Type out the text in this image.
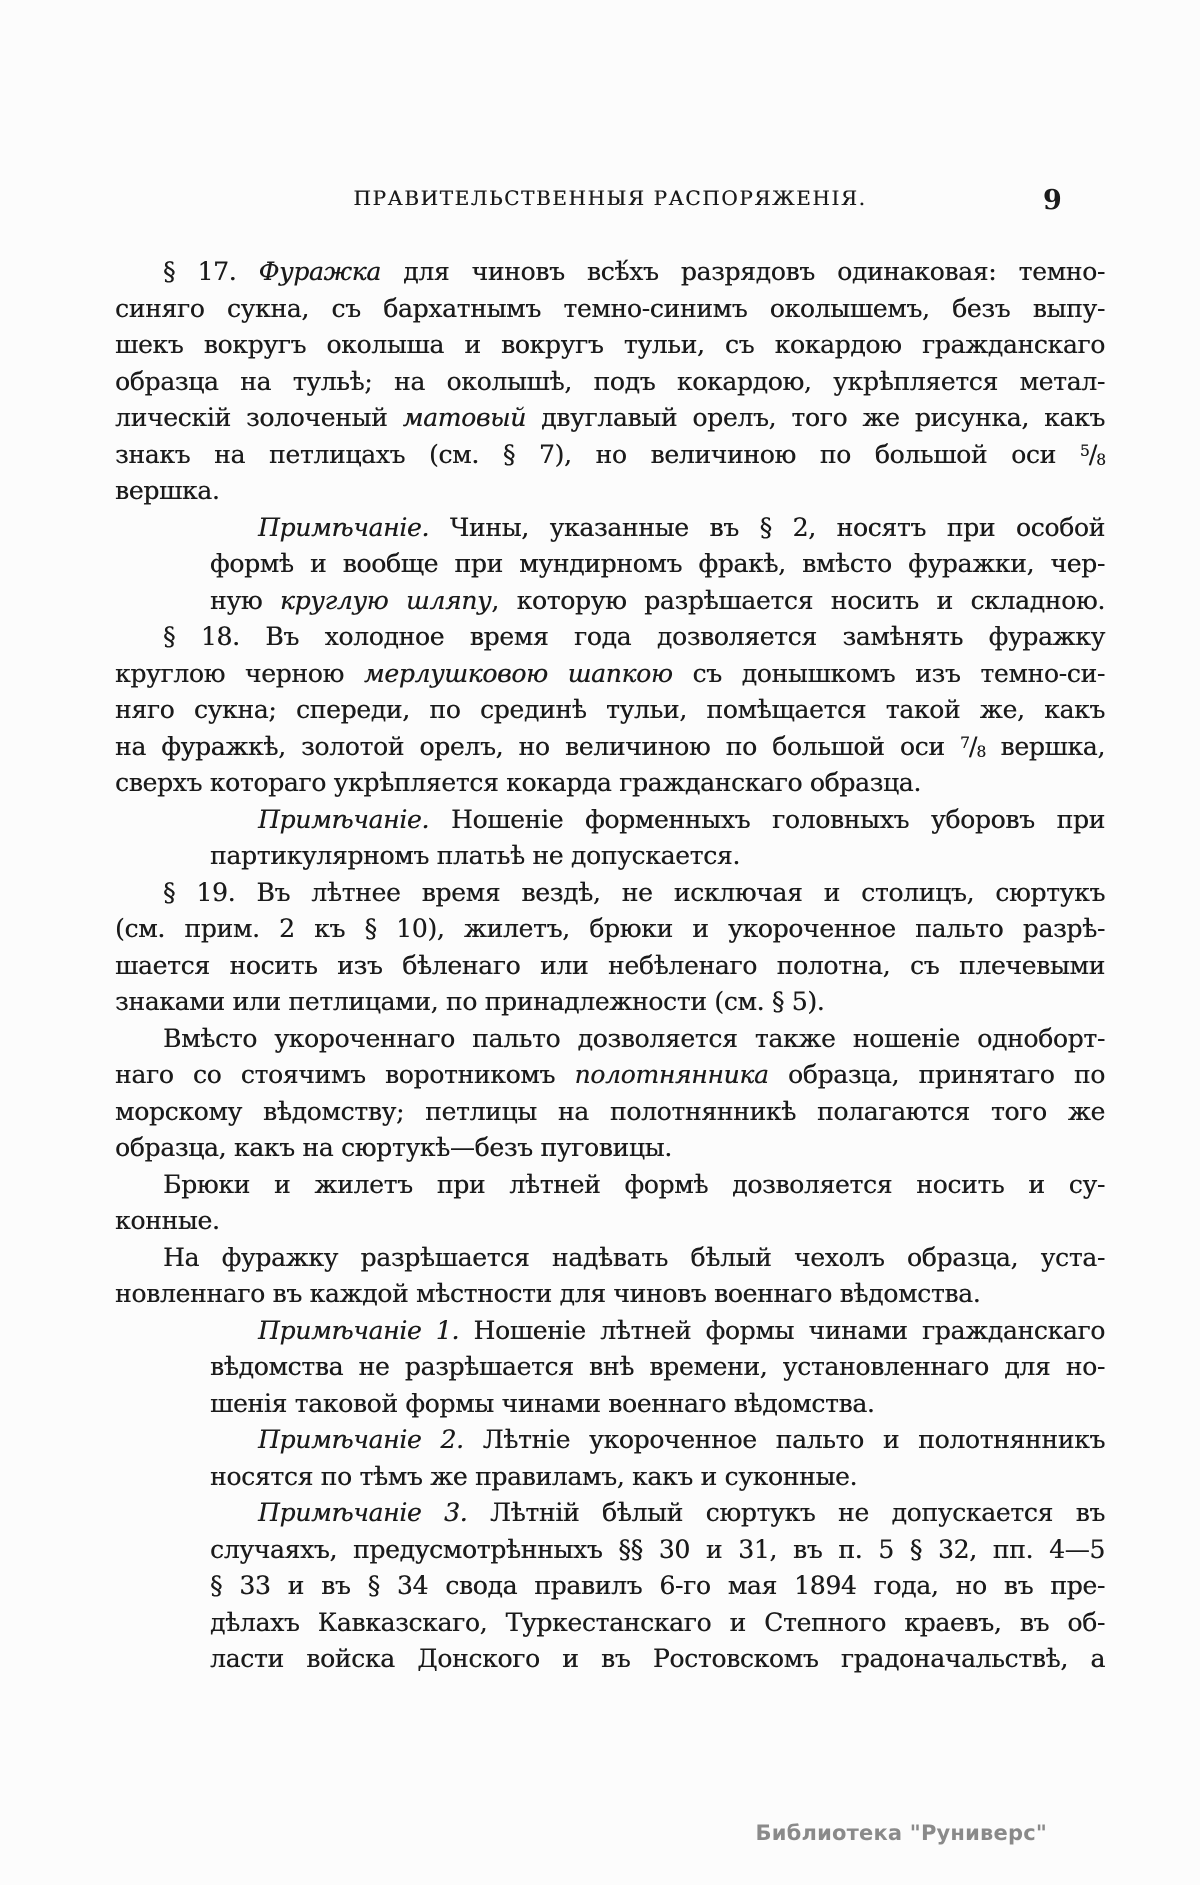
ПРАВИТЕЛЬСТВЕННЫЯ РАСПОРЯЖЕНІЯ.	9
§ 17. Фуражка для чиновъ всѣ́хъ разрядовъ одинаковая: темно-
синяго сукна, съ бархатнымъ темно-синимъ околышемъ, безъ выпу-
шекъ вокругъ околыша и вокругъ тульи, съ кокардою гражданскаго
образца на тульѣ; на околышѣ, подъ кокардою, укрѣпляется метал-
лическій золоченый матовый двуглавый орелъ, того же рисунка, какъ
знакъ на петлицахъ (см. § 7), но величиною по большой оси $^5/_8$
вершка.
Примѣчаніе. Чины, указанные въ § 2, носятъ при особой
формѣ и вообще при мундирномъ фракѣ, вмѣсто фуражки, чер-
ную круглую шляпу, которую разрѣшается носить и складною.
§ 18. Въ холодное время года дозволяется замѣнять фуражку
круглою черною мерлушковою шапкою съ донышкомъ изъ темно-си-
няго сукна; спереди, по срединѣ тульи, помѣщается такой же, какъ
на фуражкѣ, золотой орелъ, но величиною по большой оси $^7/_8$ вершка,
сверхъ котораго укрѣпляется кокарда гражданскаго образца.
Примѣчаніе. Ношеніе форменныхъ головныхъ уборовъ при
партикулярномъ платьѣ не допускается.
§ 19. Въ лѣтнее время вездѣ, не исключая и столицъ, сюртукъ
(см. прим. 2 къ § 10), жилетъ, брюки и укороченное пальто разрѣ-
шается носить изъ бѣленаго или небѣленаго полотна, съ плечевыми
знаками или петлицами, по принадлежности (см. § 5).
Вмѣсто укороченнаго пальто дозволяется также ношеніе одноборт-
наго со стоячимъ воротникомъ полотнянника образца, принятаго по
морскому вѣдомству; петлицы на полотнянникѣ полагаются того же
образца, какъ на сюртукѣ—безъ пуговицы.
Брюки и жилетъ при лѣтней формѣ дозволяется носить и су-
конные.
На фуражку разрѣшается надѣвать бѣлый чехолъ образца, уста-
новленнаго въ каждой мѣстности для чиновъ военнаго вѣдомства.
Примѣчаніе 1. Ношеніе лѣтней формы чинами гражданскаго
вѣдомства не разрѣшается внѣ времени, установленнаго для но-
шенія таковой формы чинами военнаго вѣдомства.
Примѣчаніе 2. Лѣтніе укороченное пальто и полотнянникъ
носятся по тѣмъ же правиламъ, какъ и суконные.
Примѣчаніе 3. Лѣтній бѣлый сюртукъ не допускается въ
случаяхъ, предусмотрѣнныхъ §§ 30 и 31, въ п. 5 § 32, пп. 4—5
§ 33 и въ § 34 свода правилъ 6-го мая 1894 года, но въ пре-
дѣлахъ Кавказскаго, Туркестанскаго и Степного краевъ, въ об-
ласти войска Донского и въ Ростовскомъ градоначальствѣ, а
Библиотека "Руниверс"
